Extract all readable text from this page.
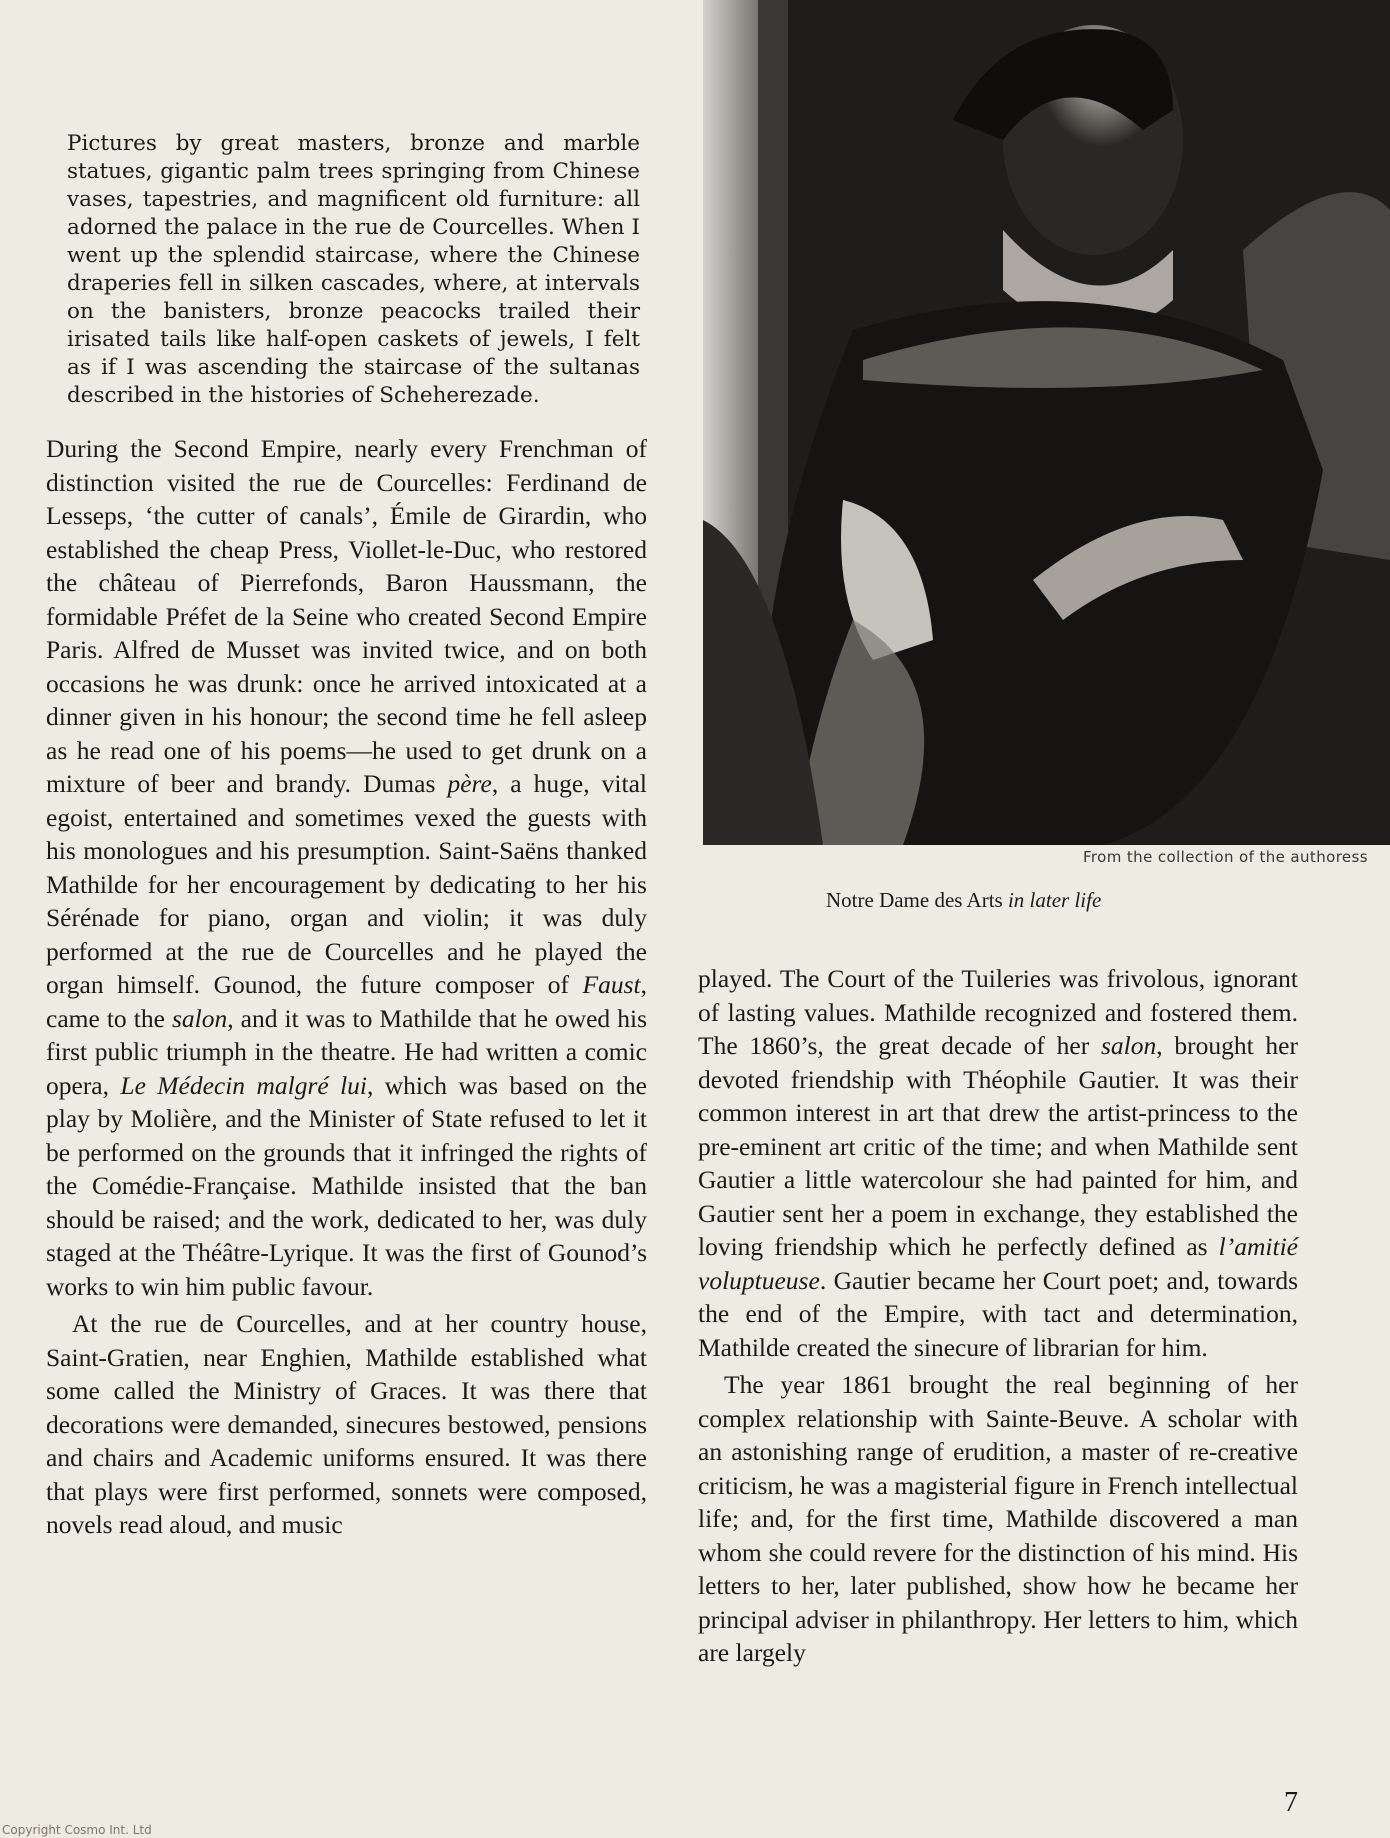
Pictures by great masters, bronze and marble statues, gigantic palm trees springing from Chinese vases, tapestries, and magnificent old furniture: all adorned the palace in the rue de Courcelles. When I went up the splendid staircase, where the Chinese draperies fell in silken cascades, where, at intervals on the banisters, bronze peacocks trailed their irisated tails like half-open caskets of jewels, I felt as if I was ascending the staircase of the sultanas described in the histories of Scheherezade.

During the Second Empire, nearly every Frenchman of distinction visited the rue de Courcelles: Ferdinand de Lesseps, ‘the cutter of canals’, Émile de Girardin, who established the cheap Press, Viollet-le-Duc, who restored the château of Pierrefonds, Baron Haussmann, the formidable Préfet de la Seine who created Second Empire Paris. Alfred de Musset was invited twice, and on both occasions he was drunk: once he arrived intoxicated at a dinner given in his honour; the second time he fell asleep as he read one of his poems—he used to get drunk on a mixture of beer and brandy. Dumas père, a huge, vital egoist, entertained and sometimes vexed the guests with his monologues and his presumption. Saint-Saëns thanked Mathilde for her encouragement by dedicating to her his Sérénade for piano, organ and violin; it was duly performed at the rue de Courcelles and he played the organ himself. Gounod, the future composer of Faust, came to the salon, and it was to Mathilde that he owed his first public triumph in the theatre. He had written a comic opera, Le Médecin malgré lui, which was based on the play by Molière, and the Minister of State refused to let it be performed on the grounds that it infringed the rights of the Comédie-Française. Mathilde insisted that the ban should be raised; and the work, dedicated to her, was duly staged at the Théâtre-Lyrique. It was the first of Gounod’s works to win him public favour.

At the rue de Courcelles, and at her country house, Saint-Gratien, near Enghien, Mathilde established what some called the Ministry of Graces. It was there that decorations were demanded, sinecures bestowed, pensions and chairs and Academic uniforms ensured. It was there that plays were first performed, sonnets were composed, novels read aloud, and music

From the collection of the authoress
Notre Dame des Arts in later life

played. The Court of the Tuileries was frivolous, ignorant of lasting values. Mathilde recognized and fostered them. The 1860’s, the great decade of her salon, brought her devoted friendship with Théophile Gautier. It was their common interest in art that drew the artist-princess to the pre-eminent art critic of the time; and when Mathilde sent Gautier a little watercolour she had painted for him, and Gautier sent her a poem in exchange, they established the loving friendship which he perfectly defined as l’amitié voluptueuse. Gautier became her Court poet; and, towards the end of the Empire, with tact and determination, Mathilde created the sinecure of librarian for him.

The year 1861 brought the real beginning of her complex relationship with Sainte-Beuve. A scholar with an astonishing range of erudition, a master of re-creative criticism, he was a magisterial figure in French intellectual life; and, for the first time, Mathilde discovered a man whom she could revere for the distinction of his mind. His letters to her, later published, show how he became her principal adviser in philanthropy. Her letters to him, which are largely

7
Copyright Cosmo Int. Ltd
